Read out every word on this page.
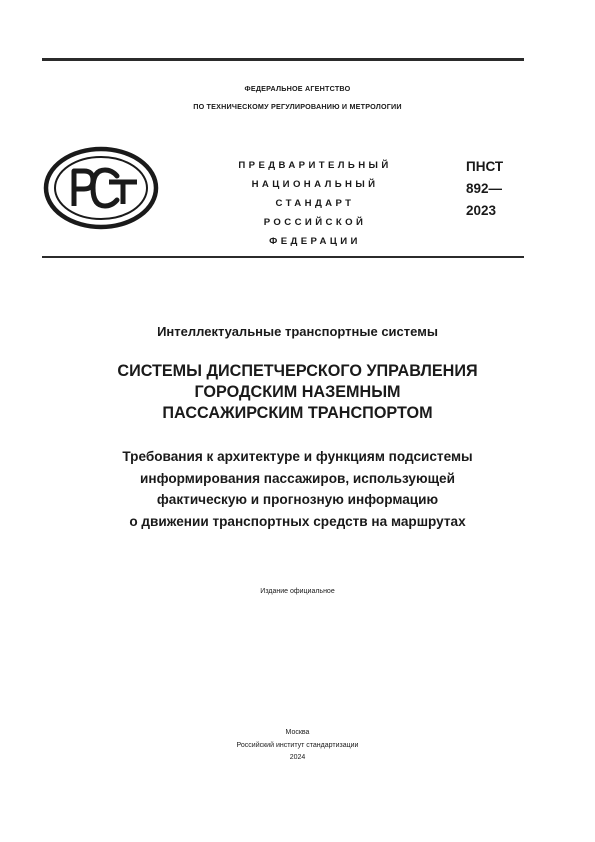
ФЕДЕРАЛЬНОЕ АГЕНТСТВО
ПО ТЕХНИЧЕСКОМУ РЕГУЛИРОВАНИЮ И МЕТРОЛОГИИ
ПРЕДВАРИТЕЛЬНЫЙ
НАЦИОНАЛЬНЫЙ
СТАНДАРТ
РОССИЙСКОЙ
ФЕДЕРАЦИИ
ПНСТ
892—
2023
Интеллектуальные транспортные системы
СИСТЕМЫ ДИСПЕТЧЕРСКОГО УПРАВЛЕНИЯ
ГОРОДСКИМ НАЗЕМНЫМ
ПАССАЖИРСКИМ ТРАНСПОРТОМ
Требования к архитектуре и функциям подсистемы
информирования пассажиров, использующей
фактическую и прогнозную информацию
о движении транспортных средств на маршрутах
Издание официальное
Москва
Российский институт стандартизации
2024
